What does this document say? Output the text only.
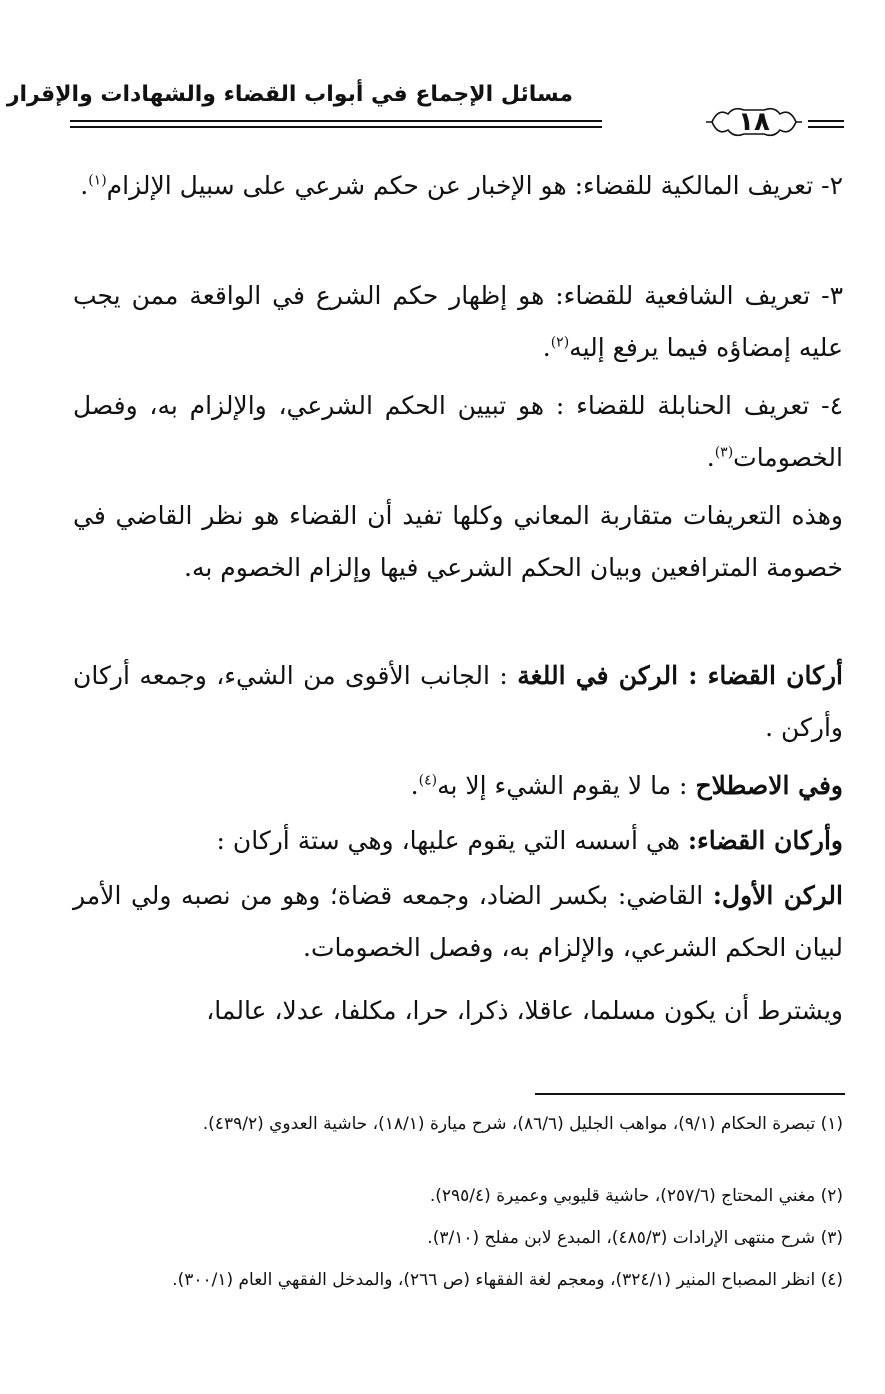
مسائل الإجماع في أبواب القضاء والشهادات والإقرار
١٨

٢- تعريف المالكية للقضاء: هو الإخبار عن حكم شرعي على سبيل الإلزام$^{(١)}$.

٣- تعريف الشافعية للقضاء: هو إظهار حكم الشرع في الواقعة ممن يجب عليه إمضاؤه فيما يرفع إليه$^{(٢)}$.

٤- تعريف الحنابلة للقضاء : هو تبيين الحكم الشرعي، والإلزام به، وفصل الخصومات$^{(٣)}$.

وهذه التعريفات متقاربة المعاني وكلها تفيد أن القضاء هو نظر القاضي في خصومة المترافعين وبيان الحكم الشرعي فيها وإلزام الخصوم به.

أركان القضاء : الركن في اللغة : الجانب الأقوى من الشيء، وجمعه أركان وأركن .

وفي الاصطلاح : ما لا يقوم الشيء إلا به$^{(٤)}$.

وأركان القضاء: هي أسسه التي يقوم عليها، وهي ستة أركان :

الركن الأول: القاضي: بكسر الضاد، وجمعه قضاة؛ وهو من نصبه ولي الأمر لبيان الحكم الشرعي، والإلزام به، وفصل الخصومات.

ويشترط أن يكون مسلما، عاقلا، ذكرا، حرا، مكلفا، عدلا، عالما،

(١) تبصرة الحكام (٩/١)، مواهب الجليل (٨٦/٦)، شرح ميارة (١٨/١)، حاشية العدوي (٤٣٩/٢).

(٢) مغني المحتاج (٢٥٧/٦)، حاشية قليوبي وعميرة (٢٩٥/٤).

(٣) شرح منتهى الإرادات (٤٨٥/٣)، المبدع لابن مفلح (٣/١٠).

(٤) انظر المصباح المنير (٣٢٤/١)، ومعجم لغة الفقهاء (ص ٢٦٦)، والمدخل الفقهي العام (٣٠٠/١).
